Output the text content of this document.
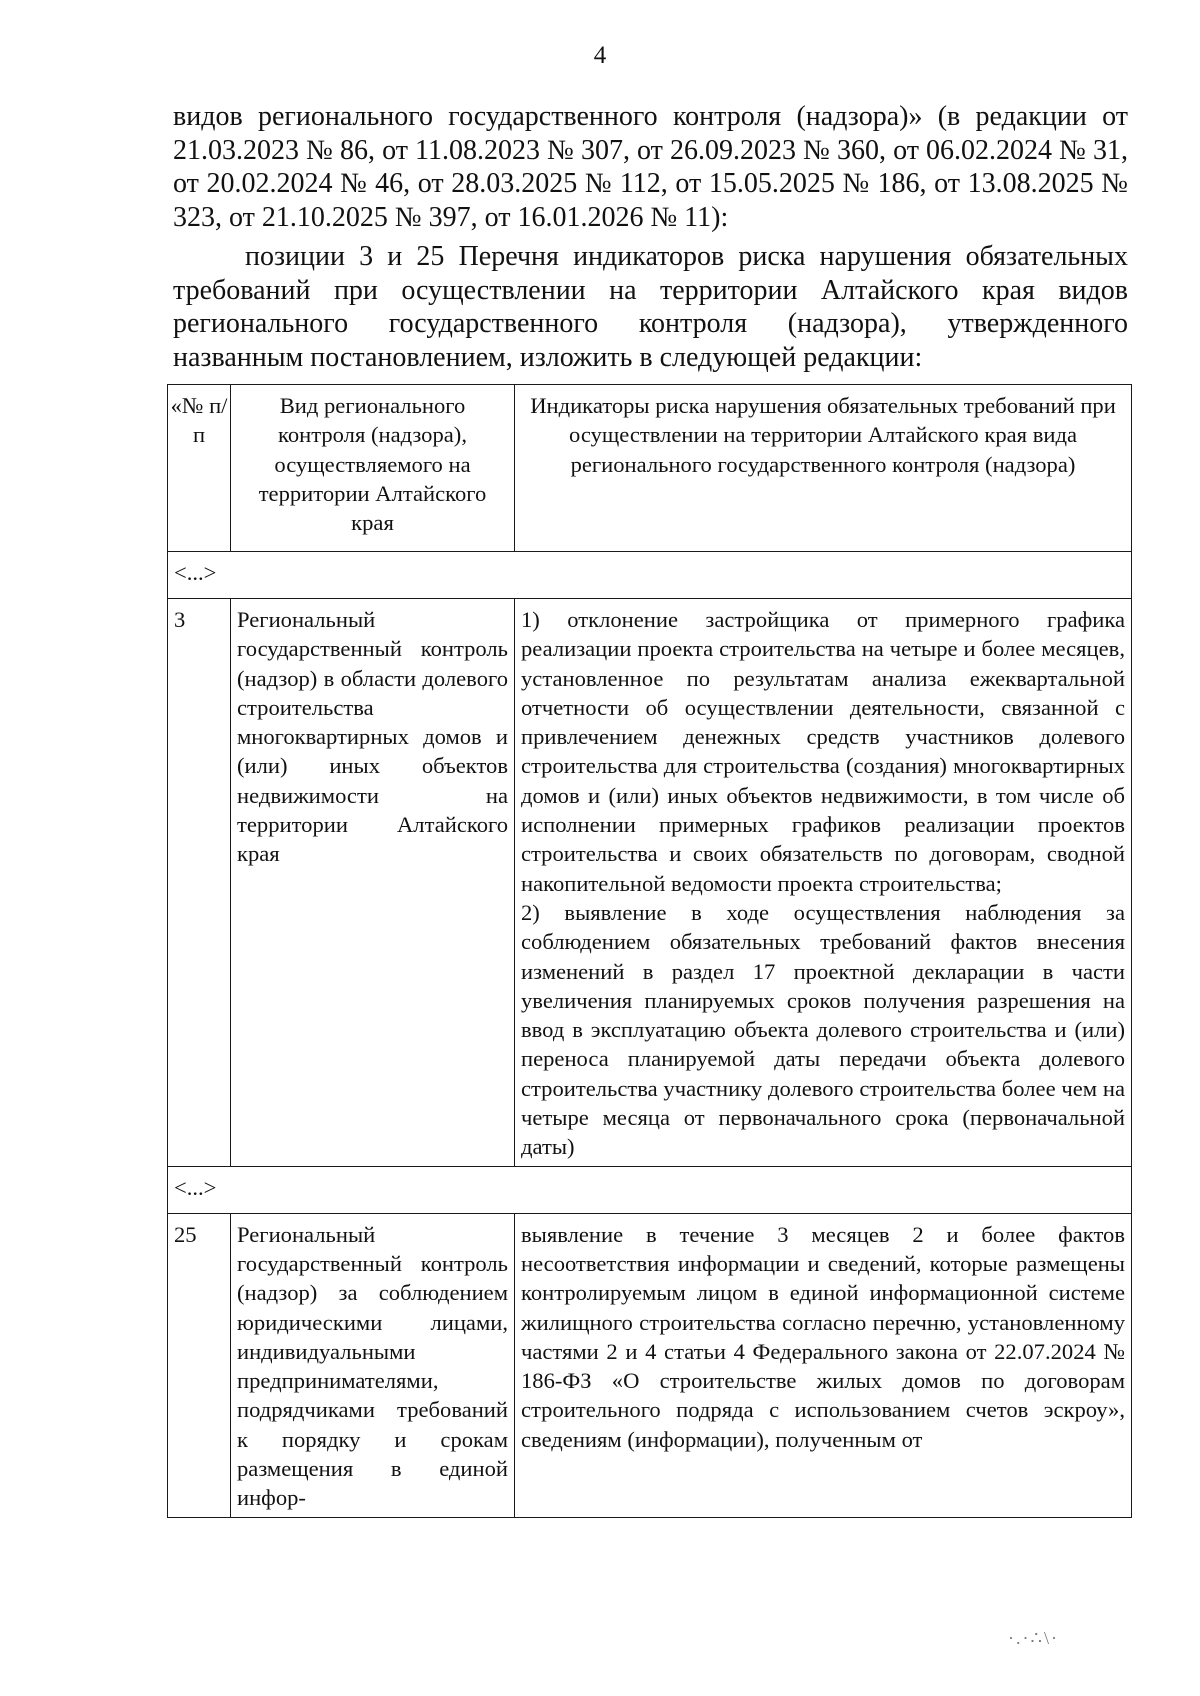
4
видов регионального государственного контроля (надзора)» (в редакции от 21.03.2023 № 86, от 11.08.2023 № 307, от 26.09.2023 № 360, от 06.02.2024 № 31, от 20.02.2024 № 46, от 28.03.2025 № 112, от 15.05.2025 № 186, от 13.08.2025 № 323, от 21.10.2025 № 397, от 16.01.2026 № 11):
позиции 3 и 25 Перечня индикаторов риска нарушения обязательных требований при осуществлении на территории Алтайского края видов регионального государственного контроля (надзора), утвержденного названным постановлением, изложить в следующей редакции:
«№ п/п	Вид регионального контроля (надзора), осуществляемого на территории Алтайского края	Индикаторы риска нарушения обязательных требований при осуществлении на территории Алтайского края вида регионального государственного контроля (надзора)
<...>		
3	Региональный государственный контроль (надзор) в области долевого строительства многоквартирных домов и (или) иных объектов недвижимости на территории Алтайского края	1) отклонение застройщика от примерного графика реализации проекта строительства на четыре и более месяцев, установленное по результатам анализа ежеквартальной отчетности об осуществлении деятельности, связанной с привлечением денежных средств участников долевого строительства для строительства (создания) многоквартирных домов и (или) иных объектов недвижимости, в том числе об исполнении примерных графиков реализации проектов строительства и своих обязательств по договорам, сводной накопительной ведомости проекта строительства;
2) выявление в ходе осуществления наблюдения за соблюдением обязательных требований фактов внесения изменений в раздел 17 проектной декларации в части увеличения планируемых сроков получения разрешения на ввод в эксплуатацию объекта долевого строительства и (или) переноса планируемой даты передачи объекта долевого строительства участнику долевого строительства более чем на четыре месяца от первоначального срока (первоначальной даты)

<...>		
25	Региональный государственный контроль (надзор) за соблюдением юридическими лицами, индивидуальными предпринимателями, подрядчиками требований к порядку и срокам размещения в единой инфор-	выявление в течение 3 месяцев 2 и более фактов несоответствия информации и сведений, которые размещены контролируемым лицом в единой информационной системе жилищного строительства согласно перечню, установленному частями 2 и 4 статьи 4 Федерального закона от 22.07.2024 № 186-ФЗ «О строительстве жилых домов по договорам строительного подряда с использованием счетов эскроу», сведениям (информации), полученным от
·.·∴\·
